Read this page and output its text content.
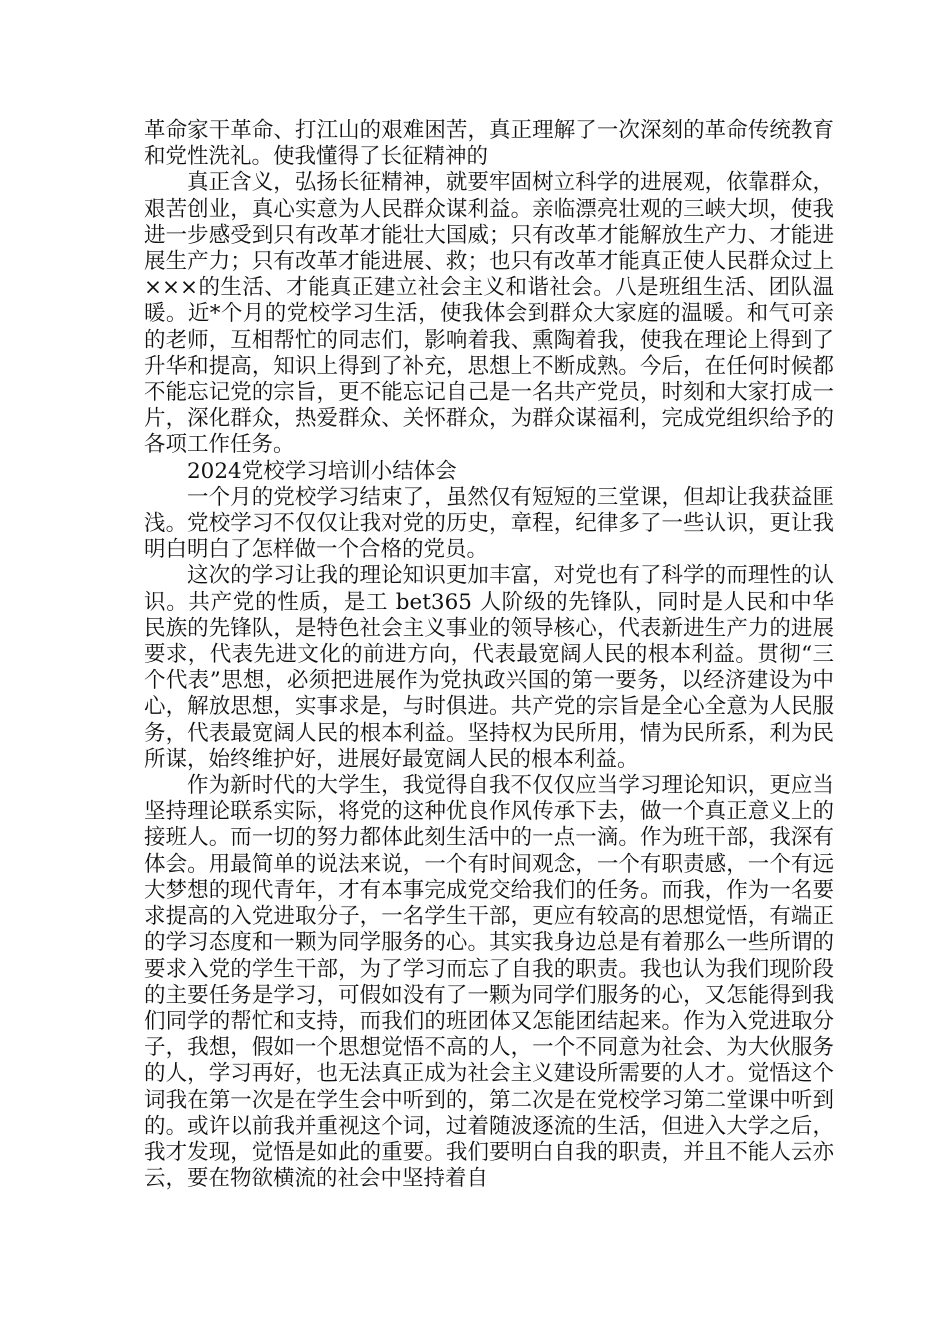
革命家干革命、打江山的艰难困苦，真正理解了一次深刻的革命传统教育和党性洗礼。使我懂得了长征精神的

真正含义，弘扬长征精神，就要牢固树立科学的进展观，依靠群众，艰苦创业，真心实意为人民群众谋利益。亲临漂亮壮观的三峡大坝，使我进一步感受到只有改革才能壮大国威；只有改革才能解放生产力、才能进展生产力；只有改革才能进展、救；也只有改革才能真正使人民群众过上×××的生活、才能真正建立社会主义和谐社会。八是班组生活、团队温暖。近*个月的党校学习生活，使我体会到群众大家庭的温暖。和气可亲的老师，互相帮忙的同志们，影响着我、熏陶着我，使我在理论上得到了升华和提高，知识上得到了补充，思想上不断成熟。今后，在任何时候都不能忘记党的宗旨，更不能忘记自己是一名共产党员，时刻和大家打成一片，深化群众，热爱群众、关怀群众，为群众谋福利，完成党组织给予的各项工作任务。

2024党校学习培训小结体会

一个月的党校学习结束了，虽然仅有短短的三堂课，但却让我获益匪浅。党校学习不仅仅让我对党的历史，章程，纪律多了一些认识，更让我明白明白了怎样做一个合格的党员。

这次的学习让我的理论知识更加丰富，对党也有了科学的而理性的认识。共产党的性质，是工 bet365 人阶级的先锋队，同时是人民和中华民族的先锋队，是特色社会主义事业的领导核心，代表新进生产力的进展要求，代表先进文化的前进方向，代表最宽阔人民的根本利益。贯彻“三个代表”思想，必须把进展作为党执政兴国的第一要务，以经济建设为中心，解放思想，实事求是，与时俱进。共产党的宗旨是全心全意为人民服务，代表最宽阔人民的根本利益。坚持权为民所用，情为民所系，利为民所谋，始终维护好，进展好最宽阔人民的根本利益。

作为新时代的大学生，我觉得自我不仅仅应当学习理论知识，更应当坚持理论联系实际，将党的这种优良作风传承下去，做一个真正意义上的接班人。而一切的努力都体此刻生活中的一点一滴。作为班干部，我深有体会。用最简单的说法来说，一个有时间观念，一个有职责感，一个有远大梦想的现代青年，才有本事完成党交给我们的任务。而我，作为一名要求提高的入党进取分子，一名学生干部，更应有较高的思想觉悟，有端正的学习态度和一颗为同学服务的心。其实我身边总是有着那么一些所谓的要求入党的学生干部，为了学习而忘了自我的职责。我也认为我们现阶段的主要任务是学习，可假如没有了一颗为同学们服务的心，又怎能得到我们同学的帮忙和支持，而我们的班团体又怎能团结起来。作为入党进取分子，我想，假如一个思想觉悟不高的人，一个不同意为社会、为大伙服务的人，学习再好，也无法真正成为社会主义建设所需要的人才。觉悟这个词我在第一次是在学生会中听到的，第二次是在党校学习第二堂课中听到的。或许以前我并重视这个词，过着随波逐流的生活，但进入大学之后，我才发现，觉悟是如此的重要。我们要明白自我的职责，并且不能人云亦云，要在物欲横流的社会中坚持着自
